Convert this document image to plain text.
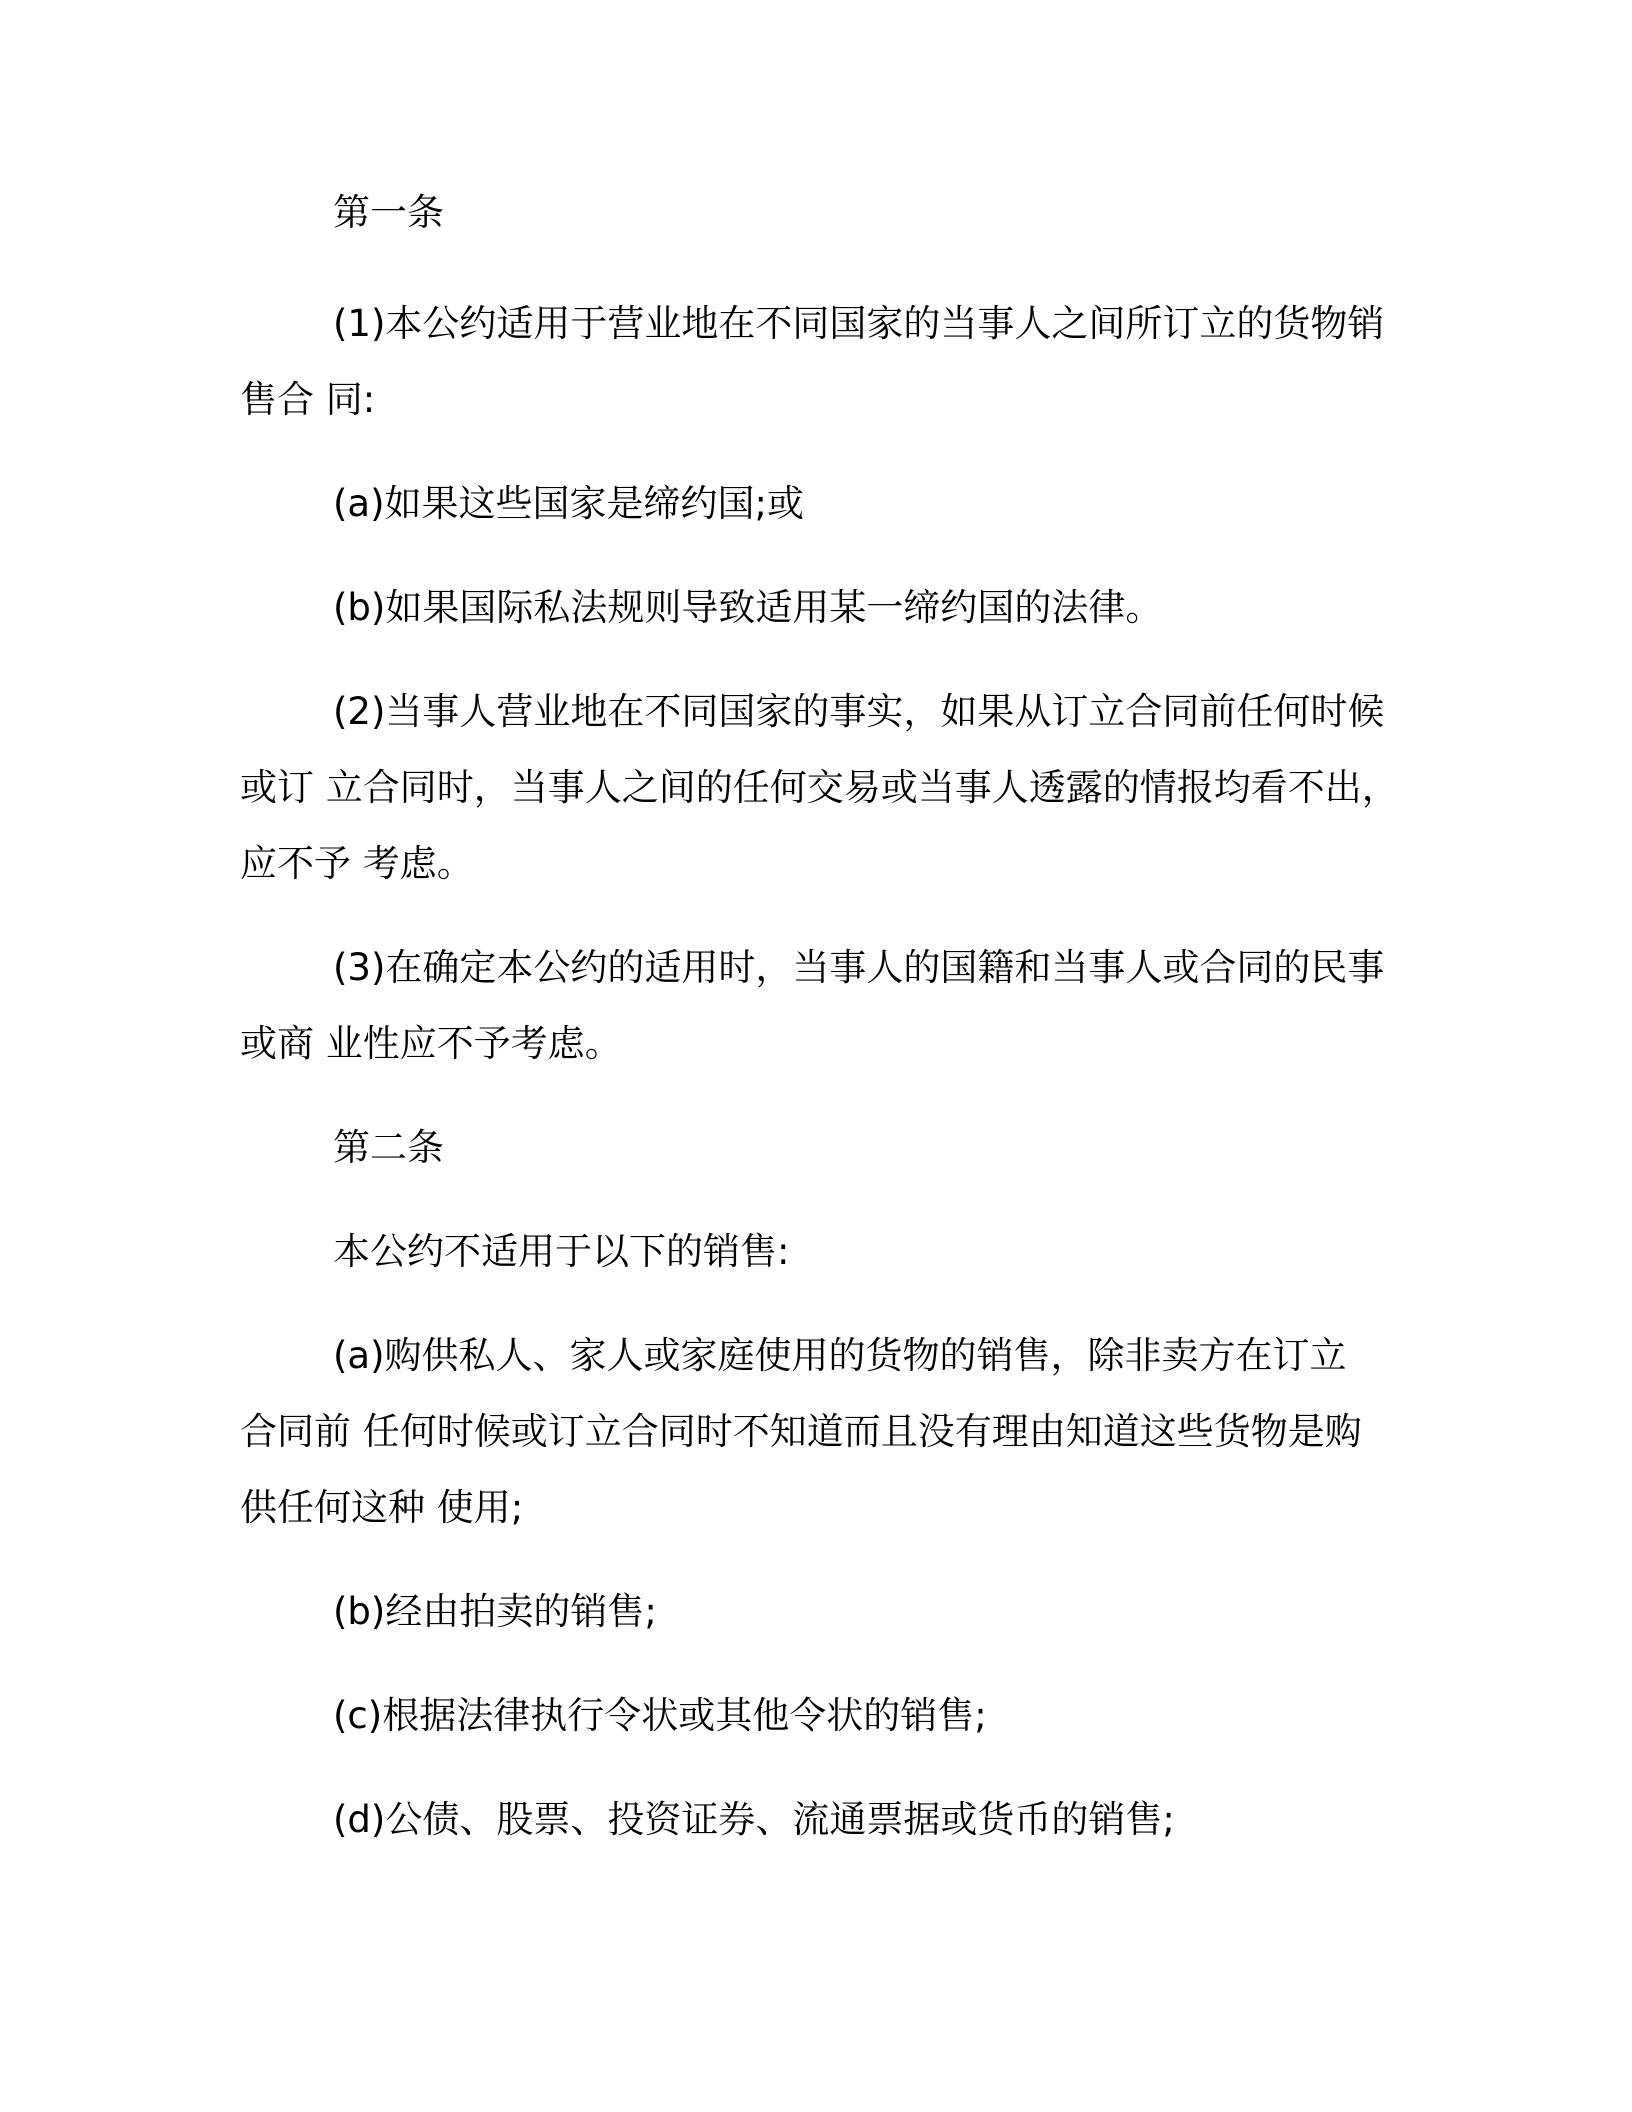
第一条
(1)本公约适用于营业地在不同国家的当事人之间所订立的货物销
售合 同:
(a)如果这些国家是缔约国;或
(b)如果国际私法规则导致适用某一缔约国的法律。
(2)当事人营业地在不同国家的事实，如果从订立合同前任何时候
或订 立合同时，当事人之间的任何交易或当事人透露的情报均看不出，
应不予 考虑。
(3)在确定本公约的适用时，当事人的国籍和当事人或合同的民事
或商 业性应不予考虑。
第二条
本公约不适用于以下的销售:
(a)购供私人、家人或家庭使用的货物的销售，除非卖方在订立
合同前 任何时候或订立合同时不知道而且没有理由知道这些货物是购
供任何这种 使用;
(b)经由拍卖的销售;
(c)根据法律执行令状或其他令状的销售;
(d)公债、股票、投资证券、流通票据或货币的销售;
